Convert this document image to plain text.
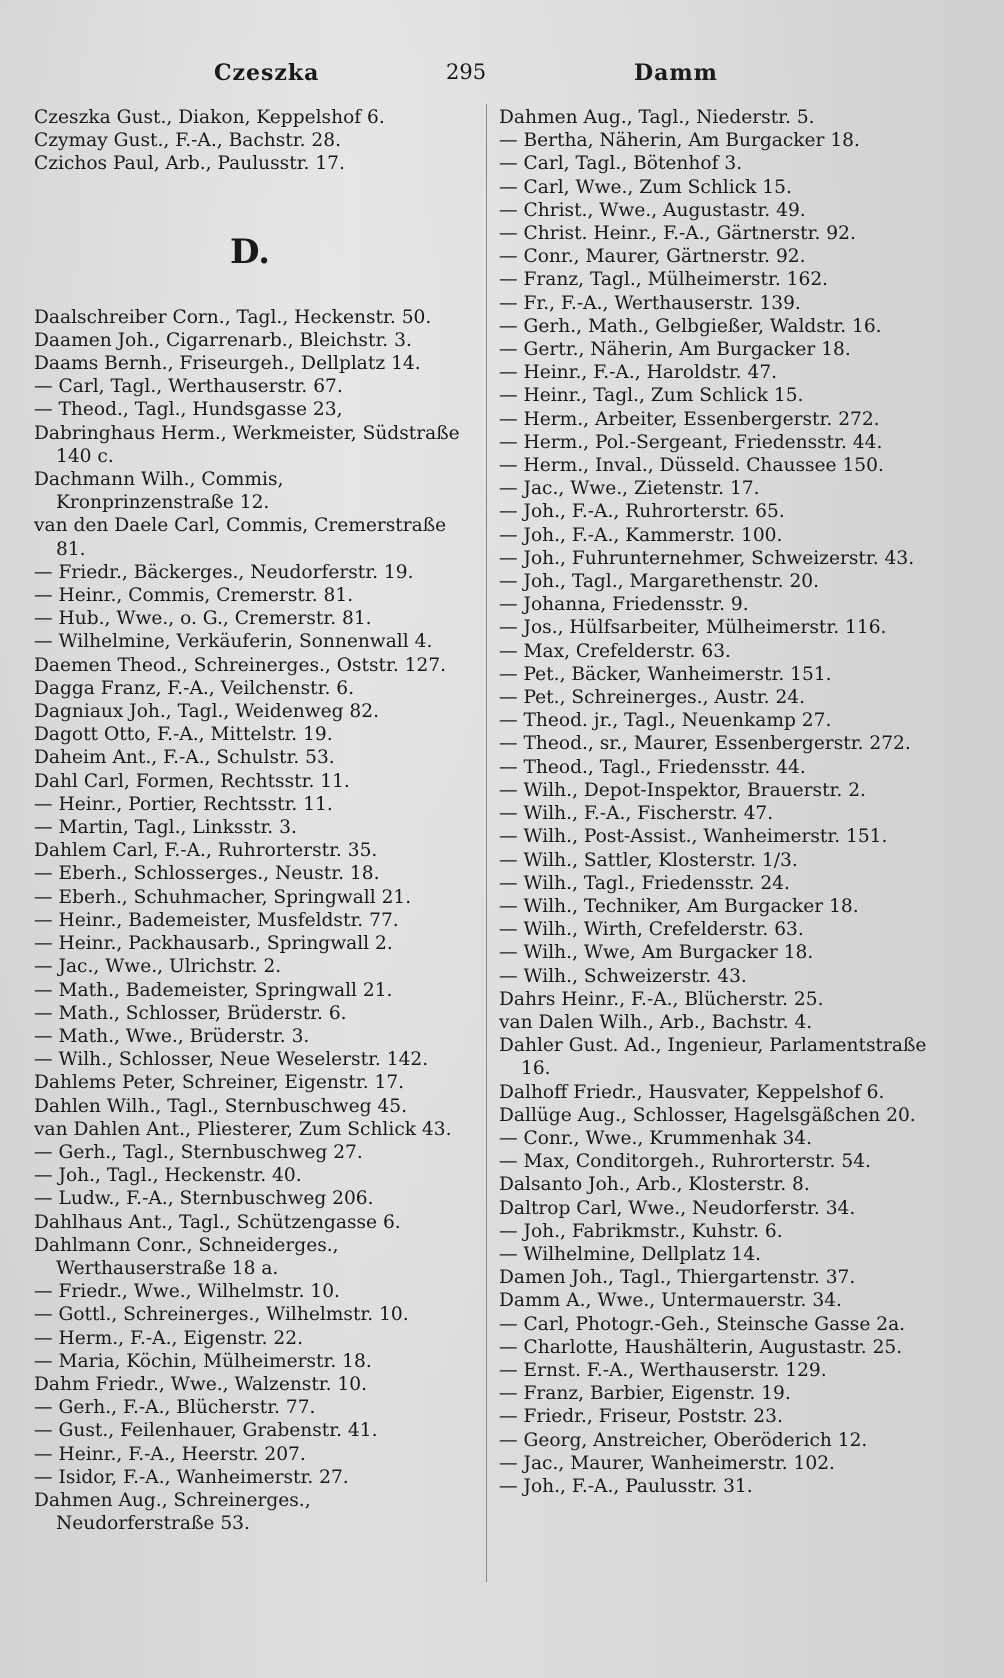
Czeszka	295	Damm

Czeszka Gust., Diakon, Keppelshof 6.

Czymay Gust., F.-A., Bachstr. 28.

Czichos Paul, Arb., Paulusstr. 17.

D.

Daalschreiber Corn., Tagl., Heckenstr. 50.

Daamen Joh., Cigarrenarb., Bleichstr. 3.

Daams Bernh., Friseurgeh., Dellplatz 14.

— Carl, Tagl., Werthauserstr. 67.

— Theod., Tagl., Hundsgasse 23,

Dabringhaus Herm., Werkmeister, Südstraße 140 c.

Dachmann Wilh., Commis, Kronprinzenstraße 12.

van den Daele Carl, Commis, Cremerstraße 81.

— Friedr., Bäckerges., Neudorferstr. 19.

— Heinr., Commis, Cremerstr. 81.

— Hub., Wwe., o. G., Cremerstr. 81.

— Wilhelmine, Verkäuferin, Sonnenwall 4.

Daemen Theod., Schreinerges., Oststr. 127.

Dagga Franz, F.-A., Veilchenstr. 6.

Dagniaux Joh., Tagl., Weidenweg 82.

Dagott Otto, F.-A., Mittelstr. 19.

Daheim Ant., F.-A., Schulstr. 53.

Dahl Carl, Formen, Rechtsstr. 11.

— Heinr., Portier, Rechtsstr. 11.

— Martin, Tagl., Linksstr. 3.

Dahlem Carl, F.-A., Ruhrorterstr. 35.

— Eberh., Schlosserges., Neustr. 18.

— Eberh., Schuhmacher, Springwall 21.

— Heinr., Bademeister, Musfeldstr. 77.

— Heinr., Packhausarb., Springwall 2.

— Jac., Wwe., Ulrichstr. 2.

— Math., Bademeister, Springwall 21.

— Math., Schlosser, Brüderstr. 6.

— Math., Wwe., Brüderstr. 3.

— Wilh., Schlosser, Neue Weselerstr. 142.

Dahlems Peter, Schreiner, Eigenstr. 17.

Dahlen Wilh., Tagl., Sternbuschweg 45.

van Dahlen Ant., Pliesterer, Zum Schlick 43.

— Gerh., Tagl., Sternbuschweg 27.

— Joh., Tagl., Heckenstr. 40.

— Ludw., F.-A., Sternbuschweg 206.

Dahlhaus Ant., Tagl., Schützengasse 6.

Dahlmann Conr., Schneiderges., Werthauserstraße 18 a.

— Friedr., Wwe., Wilhelmstr. 10.

— Gottl., Schreinerges., Wilhelmstr. 10.

— Herm., F.-A., Eigenstr. 22.

— Maria, Köchin, Mülheimerstr. 18.

Dahm Friedr., Wwe., Walzenstr. 10.

— Gerh., F.-A., Blücherstr. 77.

— Gust., Feilenhauer, Grabenstr. 41.

— Heinr., F.-A., Heerstr. 207.

— Isidor, F.-A., Wanheimerstr. 27.

Dahmen Aug., Schreinerges., Neudorferstraße 53.

Dahmen Aug., Tagl., Niederstr. 5.

— Bertha, Näherin, Am Burgacker 18.

— Carl, Tagl., Bötenhof 3.

— Carl, Wwe., Zum Schlick 15.

— Christ., Wwe., Augustastr. 49.

— Christ. Heinr., F.-A., Gärtnerstr. 92.

— Conr., Maurer, Gärtnerstr. 92.

— Franz, Tagl., Mülheimerstr. 162.

— Fr., F.-A., Werthauserstr. 139.

— Gerh., Math., Gelbgießer, Waldstr. 16.

— Gertr., Näherin, Am Burgacker 18.

— Heinr., F.-A., Haroldstr. 47.

— Heinr., Tagl., Zum Schlick 15.

— Herm., Arbeiter, Essenbergerstr. 272.

— Herm., Pol.-Sergeant, Friedensstr. 44.

— Herm., Inval., Düsseld. Chaussee 150.

— Jac., Wwe., Zietenstr. 17.

— Joh., F.-A., Ruhrorterstr. 65.

— Joh., F.-A., Kammerstr. 100.

— Joh., Fuhrunternehmer, Schweizerstr. 43.

— Joh., Tagl., Margarethenstr. 20.

— Johanna, Friedensstr. 9.

— Jos., Hülfsarbeiter, Mülheimerstr. 116.

— Max, Crefelderstr. 63.

— Pet., Bäcker, Wanheimerstr. 151.

— Pet., Schreinerges., Austr. 24.

— Theod. jr., Tagl., Neuenkamp 27.

— Theod., sr., Maurer, Essenbergerstr. 272.

— Theod., Tagl., Friedensstr. 44.

— Wilh., Depot-Inspektor, Brauerstr. 2.

— Wilh., F.-A., Fischerstr. 47.

— Wilh., Post-Assist., Wanheimerstr. 151.

— Wilh., Sattler, Klosterstr. 1/3.

— Wilh., Tagl., Friedensstr. 24.

— Wilh., Techniker, Am Burgacker 18.

— Wilh., Wirth, Crefelderstr. 63.

— Wilh., Wwe, Am Burgacker 18.

— Wilh., Schweizerstr. 43.

Dahrs Heinr., F.-A., Blücherstr. 25.

van Dalen Wilh., Arb., Bachstr. 4.

Dahler Gust. Ad., Ingenieur, Parlamentstraße 16.

Dalhoff Friedr., Hausvater, Keppelshof 6.

Dallüge Aug., Schlosser, Hagelsgäßchen 20.

— Conr., Wwe., Krummenhak 34.

— Max, Conditorgeh., Ruhrorterstr. 54.

Dalsanto Joh., Arb., Klosterstr. 8.

Daltrop Carl, Wwe., Neudorferstr. 34.

— Joh., Fabrikmstr., Kuhstr. 6.

— Wilhelmine, Dellplatz 14.

Damen Joh., Tagl., Thiergartenstr. 37.

Damm A., Wwe., Untermauerstr. 34.

— Carl, Photogr.-Geh., Steinsche Gasse 2a.

— Charlotte, Haushälterin, Augustastr. 25.

— Ernst. F.-A., Werthauserstr. 129.

— Franz, Barbier, Eigenstr. 19.

— Friedr., Friseur, Poststr. 23.

— Georg, Anstreicher, Oberöderich 12.

— Jac., Maurer, Wanheimerstr. 102.

— Joh., F.-A., Paulusstr. 31.
